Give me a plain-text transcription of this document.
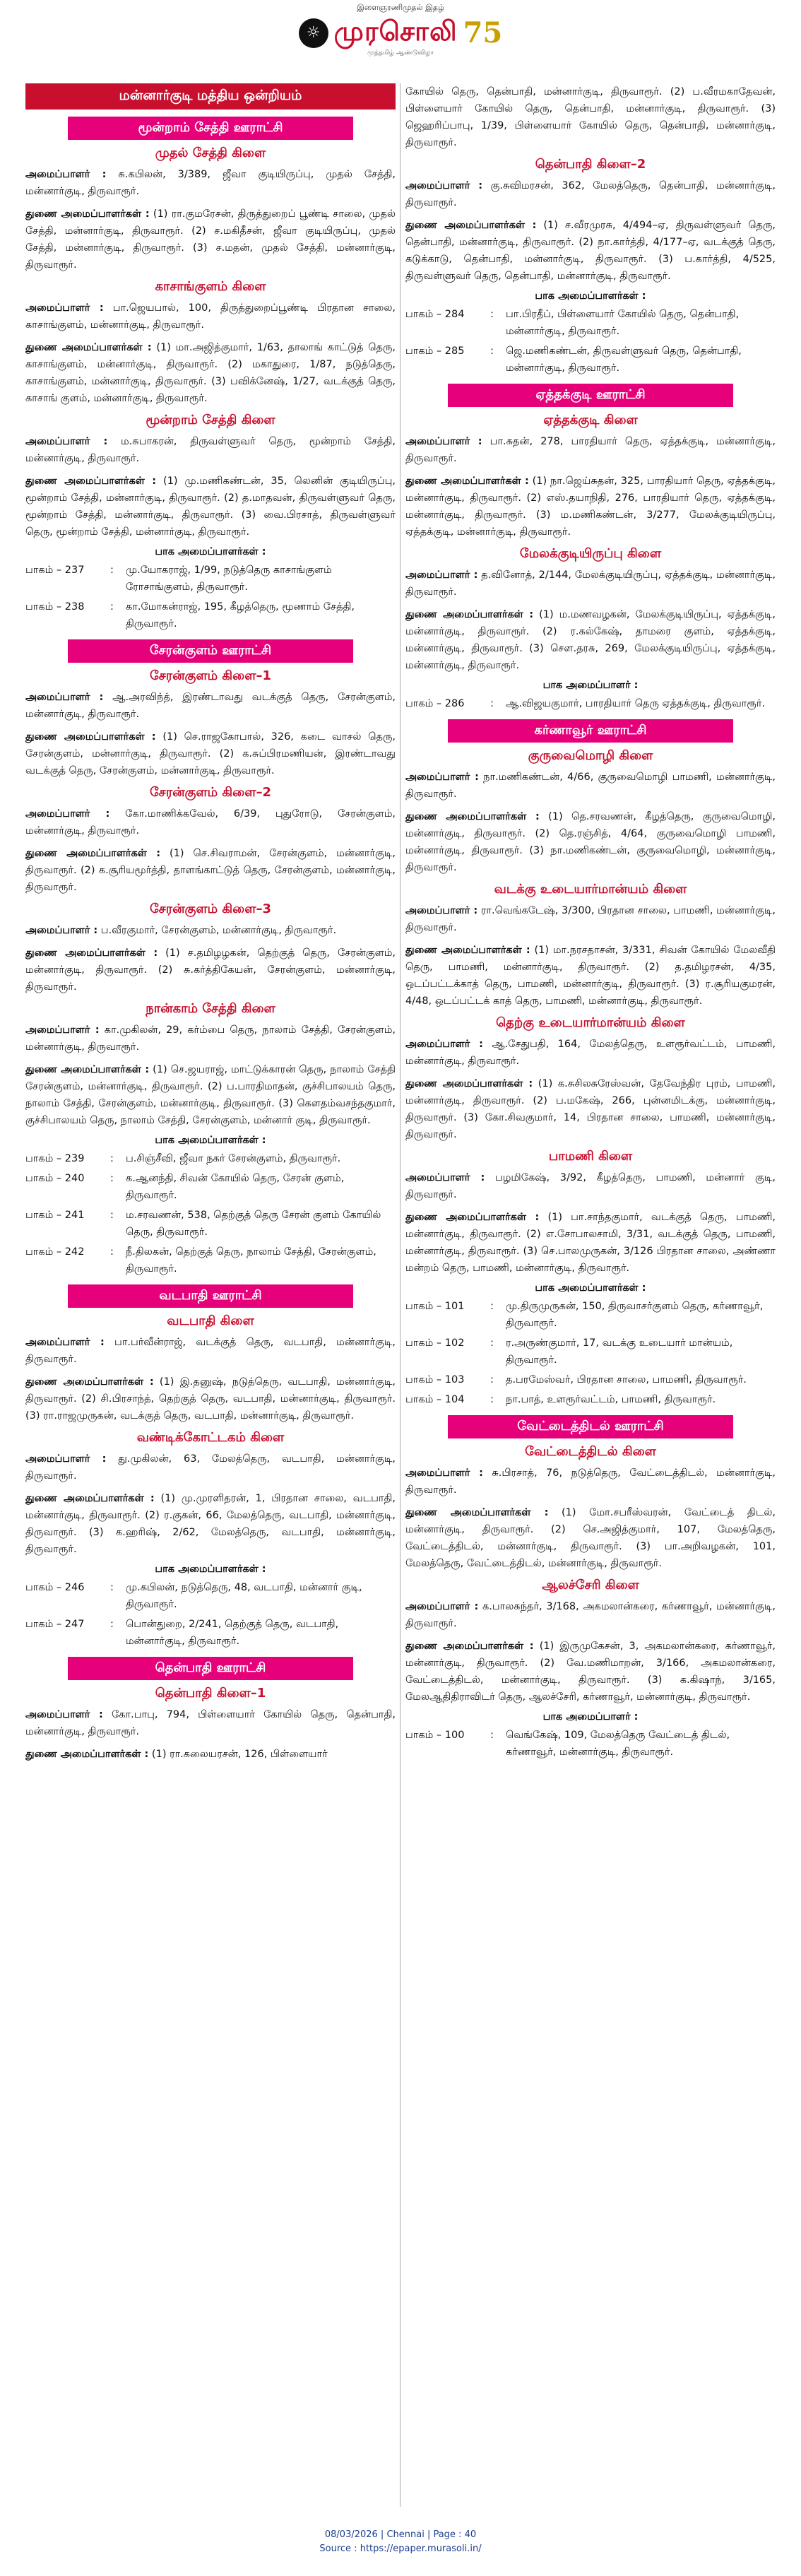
இளைஞரணிமுதல் இதழ்
☼ முரசொலி 75
முத்தமிழ் ஆண்டுவிழா
மன்னார்குடி மத்திய ஒன்றியம்
மூன்றாம் சேத்தி ஊராட்சி
முதல் சேத்தி கிளை

அமைப்பாளர் : சு.கபிலன், 3/389, ஜீவா குடியிருப்பு, முதல் சேத்தி, மன்னார்குடி, திருவாரூர்.

துணை அமைப்பாளர்கள் : (1) ரா.குமரேசன், திருத்துறைப் பூண்டி சாலை, முதல் சேத்தி, மன்னார்குடி, திருவாரூர். (2) ச.மகிதீசன், ஜீவா குடியிருப்பு, முதல் சேத்தி, மன்னார்குடி, திருவாரூர். (3) ச.மதன், முதல் சேத்தி, மன்னார்குடி, திருவாரூர்.

காசாங்குளம் கிளை

அமைப்பாளர் : பா.ஜெயபால், 100, திருத்துறைப்பூண்டி பிரதான சாலை, காசாங்குளம், மன்னார்குடி, திருவாரூர்.

துணை அமைப்பாளர்கள் : (1) மா.அஜித்குமார், 1/63, தாலாங் காட்டுத் தெரு, காசாங்குளம், மன்னார்குடி, திருவாரூர். (2) மகாதுரை, 1/87, நடுத்தெரு, காசாங்குளம், மன்னார்குடி, திருவாரூர். (3) பவிக்னேஷ், 1/27, வடக்குத் தெரு, காசாங் குளம், மன்னார்குடி, திருவாரூர்.

மூன்றாம் சேத்தி கிளை

அமைப்பாளர் : ம.சுபாகரன், திருவள்ளுவர் தெரு, மூன்றாம் சேத்தி, மன்னார்குடி, திருவாரூர்.

துணை அமைப்பாளர்கள் : (1) மு.மணிகண்டன், 35, லெனின் குடியிருப்பு, மூன்றாம் சேத்தி, மன்னார்குடி, திருவாரூர். (2) த.மாதவன், திருவள்ளுவர் தெரு, மூன்றாம் சேத்தி, மன்னார்குடி, திருவாரூர். (3) வை.பிரசாத், திருவள்ளுவர் தெரு, மூன்றாம் சேத்தி, மன்னார்குடி, திருவாரூர்.

பாக அமைப்பாளர்கள் :
பாகம் – 237	:	மு.யோகராஜ், 1/99, நடுத்தெரு காசாங்குளம் ரோசாங்குளம், திருவாரூர்.
பாகம் – 238	:	கா.மோகன்ராஜ், 195, கீழத்தெரு, மூணாம் சேத்தி, திருவாரூர்.
சேரன்குளம் ஊராட்சி
சேரன்குளம் கிளை–1

அமைப்பாளர் : ஆ.அரவிந்த், இரண்டாவது வடக்குத் தெரு, சேரன்குளம், மன்னார்குடி, திருவாரூர்.

துணை அமைப்பாளர்கள் : (1) செ.ராஜகோபால், 326, கடை வாசல் தெரு, சேரன்குளம், மன்னார்குடி, திருவாரூர். (2) க.சுப்பிரமணியன், இரண்டாவது வடக்குத் தெரு, சேரன்குளம், மன்னார்குடி, திருவாரூர்.

சேரன்குளம் கிளை–2

அமைப்பாளர் : கோ.மாணிக்கவேல், 6/39, புதுரோடு, சேரன்குளம், மன்னார்குடி, திருவாரூர்.

துணை அமைப்பாளர்கள் : (1) செ.சிவராமன், சேரன்குளம், மன்னார்குடி, திருவாரூர். (2) க.சூரியமூர்த்தி, தாளங்காட்டுத் தெரு, சேரன்குளம், மன்னார்குடி, திருவாரூர்.

சேரன்குளம் கிளை–3

அமைப்பாளர் : ப.வீரகுமார், சேரன்குளம், மன்னார்குடி, திருவாரூர்.

துணை அமைப்பாளர்கள் : (1) ச.தமிழழகன், தெற்குத் தெரு, சேரன்குளம், மன்னார்குடி, திருவாரூர். (2) சு.கர்த்திகேயன், சேரன்குளம், மன்னார்குடி, திருவாரூர்.

நான்காம் சேத்தி கிளை

அமைப்பாளர் : கா.முகிலன், 29, கர்ம்பை தெரு, நாலாம் சேத்தி, சேரன்குளம், மன்னார்குடி, திருவாரூர்.

துணை அமைப்பாளர்கள் : (1) செ.ஜயராஜ், மாட்டுக்காரன் தெரு, நாலாம் சேத்தி சேரன்குளம், மன்னார்குடி, திருவாரூர். (2) ப.பாரதிமாதன், குச்சிபாலயம் தெரு, நாலாம் சேத்தி, சேரன்குளம், மன்னார்குடி, திருவாரூர். (3) கௌதம்வசந்தகுமார், குச்சிபாலயம் தெரு, நாலாம் சேத்தி, சேரன்குளம், மன்னார் குடி, திருவாரூர்.

பாக அமைப்பாளர்கள் :
பாகம் – 239	:	ப.சிஞ்சீவி, ஜீவா நகர் சேரன்குளம், திருவாரூர்.
பாகம் – 240	:	க.ஆனந்தி, சிவன் கோயில் தெரு, சேரன் குளம், திருவாரூர்.
பாகம் – 241	:	ம.சரவணன், 538, தெற்குத் தெரு சேரன் குளம் கோயில் தெரு, திருவாரூர்.
பாகம் – 242	:	நீ.திலகன், தெற்குத் தெரு, நாலாம் சேத்தி, சேரன்குளம், திருவாரூர்.
வடபாதி ஊராட்சி
வடபாதி கிளை

அமைப்பாளர் : பா.பர்வீன்ராஜ், வடக்குத் தெரு, வடபாதி, மன்னார்குடி, திருவாரூர்.

துணை அமைப்பாளர்கள் : (1) இ.தனுஷ், நடுத்தெரு, வடபாதி, மன்னார்குடி, திருவாரூர். (2) சி.பிரசாந்த், தெற்குத் தெரு, வடபாதி, மன்னார்குடி, திருவாரூர். (3) ரா.ராஜமுருகன், வடக்குத் தெரு, வடபாதி, மன்னார்குடி, திருவாரூர்.

வண்டிக்கோட்டகம் கிளை

அமைப்பாளர் : து.முகிலன், 63, மேலத்தெரு, வடபாதி, மன்னார்குடி, திருவாரூர்.

துணை அமைப்பாளர்கள் : (1) மு.முரளிதரன், 1, பிரதான சாலை, வடபாதி, மன்னார்குடி, திருவாரூர். (2) ர.குகன், 66, மேலத்தெரு, வடபாதி, மன்னார்குடி, திருவாரூர். (3) க.ஹரிஷ், 2/62, மேலத்தெரு, வடபாதி, மன்னார்குடி, திருவாரூர்.

பாக அமைப்பாளர்கள் :
பாகம் – 246	:	மு.கபிலன், நடுத்தெரு, 48, வடபாதி, மன்னார் குடி, திருவாரூர்.
பாகம் – 247	:	பொன்துறை, 2/241, தெற்குத் தெரு, வடபாதி, மன்னார்குடி, திருவாரூர்.
தென்பாதி ஊராட்சி
தென்பாதி கிளை–1

அமைப்பாளர் : கோ.பாபு, 794, பிள்ளையார் கோயில் தெரு, தென்பாதி, மன்னார்குடி, திருவாரூர்.

துணை அமைப்பாளர்கள் : (1) ரா.கலையரசன், 126, பிள்ளையார்

கோயில் தெரு, தென்பாதி, மன்னார்குடி, திருவாரூர். (2) ப.வீரமகாதேவன், பிள்ளையார் கோயில் தெரு, தென்பாதி, மன்னார்குடி, திருவாரூர். (3) ஜெஹரிப்பாபு, 1/39, பிள்ளையார் கோயில் தெரு, தென்பாதி, மன்னார்குடி, திருவாரூர்.

தென்பாதி கிளை–2

அமைப்பாளர் : கு.சுவிமரசன், 362, மேலத்தெரு, தென்பாதி, மன்னார்குடி, திருவாரூர்.

துணை அமைப்பாளர்கள் : (1) ச.வீரமுரசு, 4/494–ஏ, திருவள்ளுவர் தெரு, தென்பாதி, மன்னார்குடி, திருவாரூர். (2) நா.கார்த்தி, 4/177–ஏ, வடக்குத் தெரு, கடுக்காடு, தென்பாதி, மன்னார்குடி, திருவாரூர். (3) ப.கார்த்தி, 4/525, திருவள்ளுவர் தெரு, தென்பாதி, மன்னார்குடி, திருவாரூர்.

பாக அமைப்பாளர்கள் :
பாகம் – 284	:	பா.பிரதீப், பிள்ளையார் கோயில் தெரு, தென்பாதி, மன்னார்குடி, திருவாரூர்.
பாகம் – 285	:	ஜெ.மணிகண்டன், திருவள்ளுவர் தெரு, தென்பாதி, மன்னார்குடி, திருவாரூர்.
ஏத்தக்குடி ஊராட்சி
ஏத்தக்குடி கிளை

அமைப்பாளர் : பா.சுதன், 278, பாரதியார் தெரு, ஏத்தக்குடி, மன்னார்குடி, திருவாரூர்.

துணை அமைப்பாளர்கள் : (1) நா.ஜெய்சுதன், 325, பாரதியார் தெரு, ஏத்தக்குடி, மன்னார்குடி, திருவாரூர். (2) எஸ்.தயாநிதி, 276, பாரதியார் தெரு, ஏத்தக்குடி, மன்னார்குடி, திருவாரூர். (3) ம.மணிகண்டன், 3/277, மேலக்குடியிருப்பு, ஏத்தக்குடி, மன்னார்குடி, திருவாரூர்.

மேலக்குடியிருப்பு கிளை

அமைப்பாளர் : த.வினோத், 2/144, மேலக்குடியிருப்பு, ஏத்தக்குடி, மன்னார்குடி, திருவாரூர்.

துணை அமைப்பாளர்கள் : (1) ம.மணவழகன், மேலக்குடியிருப்பு, ஏத்தக்குடி, மன்னார்குடி, திருவாரூர். (2) ர.கல்கேஷ், தாமரை குளம், ஏத்தக்குடி, மன்னார்குடி, திருவாரூர். (3) சௌ.தரசு, 269, மேலக்குடியிருப்பு, ஏத்தக்குடி, மன்னார்குடி, திருவாரூர்.

பாக அமைப்பாளர் :
பாகம் – 286	:	ஆ.விஜயகுமார், பாரதியார் தெரு ஏத்தக்குடி, திருவாரூர்.
கர்ணாவூர் ஊராட்சி
குருவைமொழி கிளை

அமைப்பாளர் : நா.மணிகண்டன், 4/66, குருவைமொழி பாமணி, மன்னார்குடி, திருவாரூர்.

துணை அமைப்பாளர்கள் : (1) தெ.சரவணன், கீழத்தெரு, குருவைமொழி, மன்னார்குடி, திருவாரூர். (2) தெ.ரஞ்சித், 4/64, குருவைமொழி பாமணி, மன்னார்குடி, திருவாரூர். (3) நா.மணிகண்டன், குருவைமொழி, மன்னார்குடி, திருவாரூர்.

வடக்கு உடையார்மான்யம் கிளை

அமைப்பாளர் : ரா.வெங்கடேஷ், 3/300, பிரதான சாலை, பாமணி, மன்னார்குடி, திருவாரூர்.

துணை அமைப்பாளர்கள் : (1) மா.நரசதாசன், 3/331, சிவன் கோயில் மேலவீதி தெரு, பாமணி, மன்னார்குடி, திருவாரூர். (2) த.தமிழரசன், 4/35, ஒடப்பட்டக்காத் தெரு, பாமணி, மன்னார்குடி, திருவாரூர். (3) ர.சூரியகுமரன், 4/48, ஒடப்பட்டக் காத் தெரு, பாமணி, மன்னார்குடி, திருவாரூர்.

தெற்கு உடையார்மான்யம் கிளை

அமைப்பாளர் : ஆ.சேதுபதி, 164, மேலத்தெரு, உளரூர்வட்டம், பாமணி, மன்னார்குடி, திருவாரூர்.

துணை அமைப்பாளர்கள் : (1) க.சுசிலசுரேஸ்வன், தேவேந்திர புரம், பாமணி, மன்னார்குடி, திருவாரூர். (2) ப.மகேஷ், 266, புன்னமிடக்கு, மன்னார்குடி, திருவாரூர். (3) கோ.சிவகுமார், 14, பிரதான சாலை, பாமணி, மன்னார்குடி, திருவாரூர்.

பாமணி கிளை

அமைப்பாளர் : பழமிகேஷ், 3/92, கீழத்தெரு, பாமணி, மன்னார் குடி, திருவாரூர்.

துணை அமைப்பாளர்கள் : (1) பா.சாந்தகுமார், வடக்குத் தெரு, பாமணி, மன்னார்குடி, திருவாரூர். (2) எ.சோபாலசாமி, 3/31, வடக்குத் தெரு, பாமணி, மன்னார்குடி, திருவாரூர். (3) செ.பாலமுருகன், 3/126 பிரதான சாலை, அண்ணா மன்றம் தெரு, பாமணி, மன்னார்குடி, திருவாரூர்.

பாக அமைப்பாளர்கள் :
பாகம் – 101	:	மு.திருமுருகன், 150, திருவாசர்குளம் தெரு, கர்ணாவூர், திருவாரூர்.
பாகம் – 102	:	ர.அருண்குமார், 17, வடக்கு உடையார் மான்யம், திருவாரூர்.
பாகம் – 103	:	த.பரமேஸ்வர், பிரதான சாலை, பாமணி, திருவாரூர்.
பாகம் – 104	:	நா.பாத், உளரூர்வட்டம், பாமணி, திருவாரூர்.
வேட்டைத்திடல் ஊராட்சி
வேட்டைத்திடல் கிளை

அமைப்பாளர் : சு.பிரசாத், 76, நடுத்தெரு, வேட்டைத்திடல், மன்னார்குடி, திருவாரூர்.

துணை அமைப்பாளர்கள் : (1) மோ.சபரீஸ்வரன், வேட்டைத் திடல், மன்னார்குடி, திருவாரூர். (2) செ.அஜித்குமார், 107, மேலத்தெரு, வேட்டைத்திடல், மன்னார்குடி, திருவாரூர். (3) பா.அறிவழகன், 101, மேலத்தெரு, வேட்டைத்திடல், மன்னார்குடி, திருவாரூர்.

ஆலச்சேரி கிளை

அமைப்பாளர் : க.பாலசுந்தர், 3/168, அகமலான்கரை, கர்ணாவூர், மன்னார்குடி, திருவாரூர்.

துணை அமைப்பாளர்கள் : (1) இருமுகேசன், 3, அகமலான்கரை, கர்ணாவூர், மன்னார்குடி, திருவாரூர். (2) வே.மணிமாறன், 3/166, அகமலான்கரை, வேட்டைத்திடல், மன்னார்குடி, திருவாரூர். (3) க.கிஷாந், 3/165, மேலஆதிதிராவிடர் தெரு, ஆலச்சேரி, கர்ணாவூர், மன்னார்குடி, திருவாரூர்.

பாக அமைப்பாளர் :
பாகம் – 100	:	வெங்கேஷ், 109, மேலத்தெரு வேட்டைத் திடல், கர்ணாவூர், மன்னார்குடி, திருவாரூர்.
08/03/2026 | Chennai | Page : 40
Source : https://epaper.murasoli.in/
